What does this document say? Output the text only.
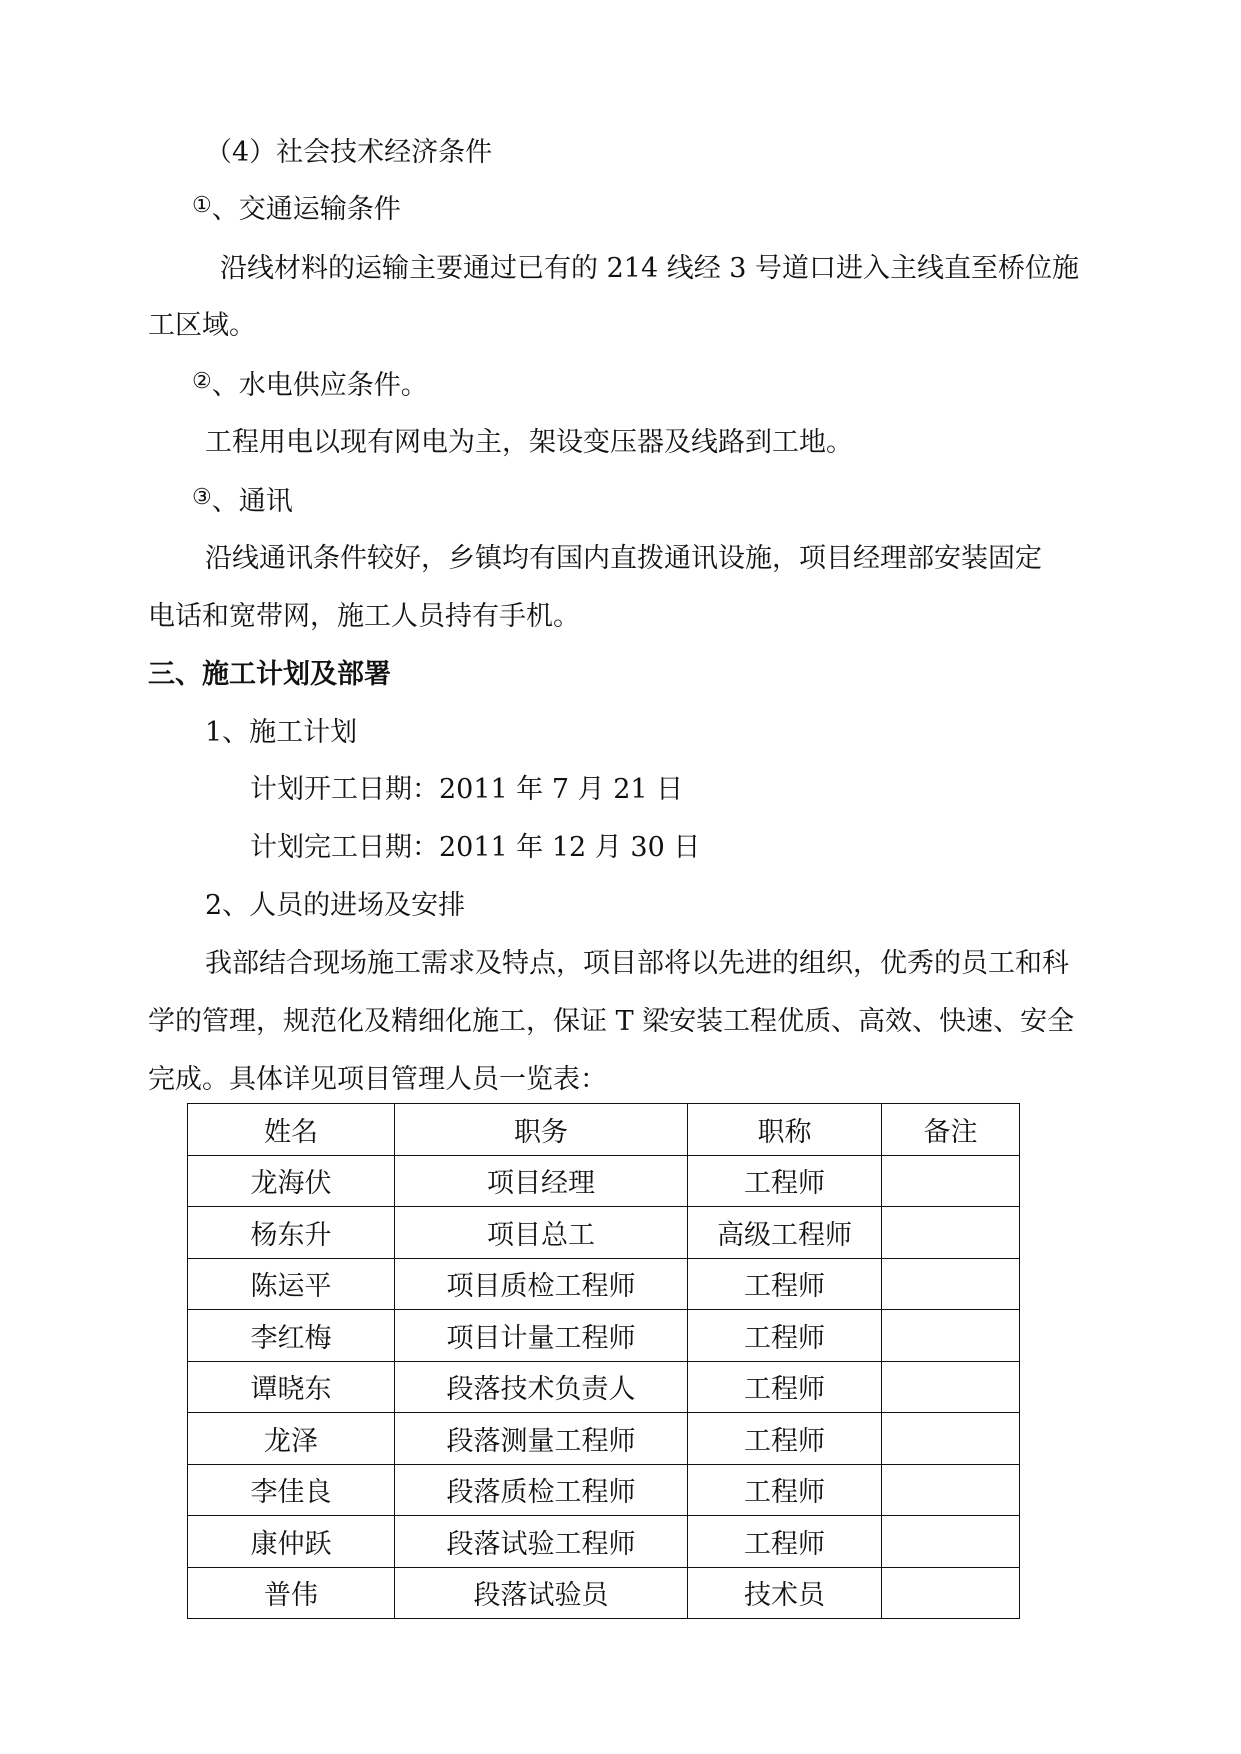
（4）社会技术经济条件
①、交通运输条件
沿线材料的运输主要通过已有的 214 线经 3 号道口进入主线直至桥位施
工区域。
②、水电供应条件。
工程用电以现有网电为主，架设变压器及线路到工地。
③、通讯
沿线通讯条件较好，乡镇均有国内直拨通讯设施，项目经理部安装固定
电话和宽带网，施工人员持有手机。
三、施工计划及部署
1、施工计划
计划开工日期：2011 年 7 月 21 日
计划完工日期：2011 年 12 月 30 日
2、人员的进场及安排
我部结合现场施工需求及特点，项目部将以先进的组织，优秀的员工和科
学的管理，规范化及精细化施工，保证 T 梁安装工程优质、高效、快速、安全
完成。具体详见项目管理人员一览表：
姓名	职务	职称	备注
龙海伏	项目经理	工程师	
杨东升	项目总工	高级工程师	
陈运平	项目质检工程师	工程师	
李红梅	项目计量工程师	工程师	
谭晓东	段落技术负责人	工程师	
龙泽	段落测量工程师	工程师	
李佳良	段落质检工程师	工程师	
康仲跃	段落试验工程师	工程师	
普伟	段落试验员	技术员	
